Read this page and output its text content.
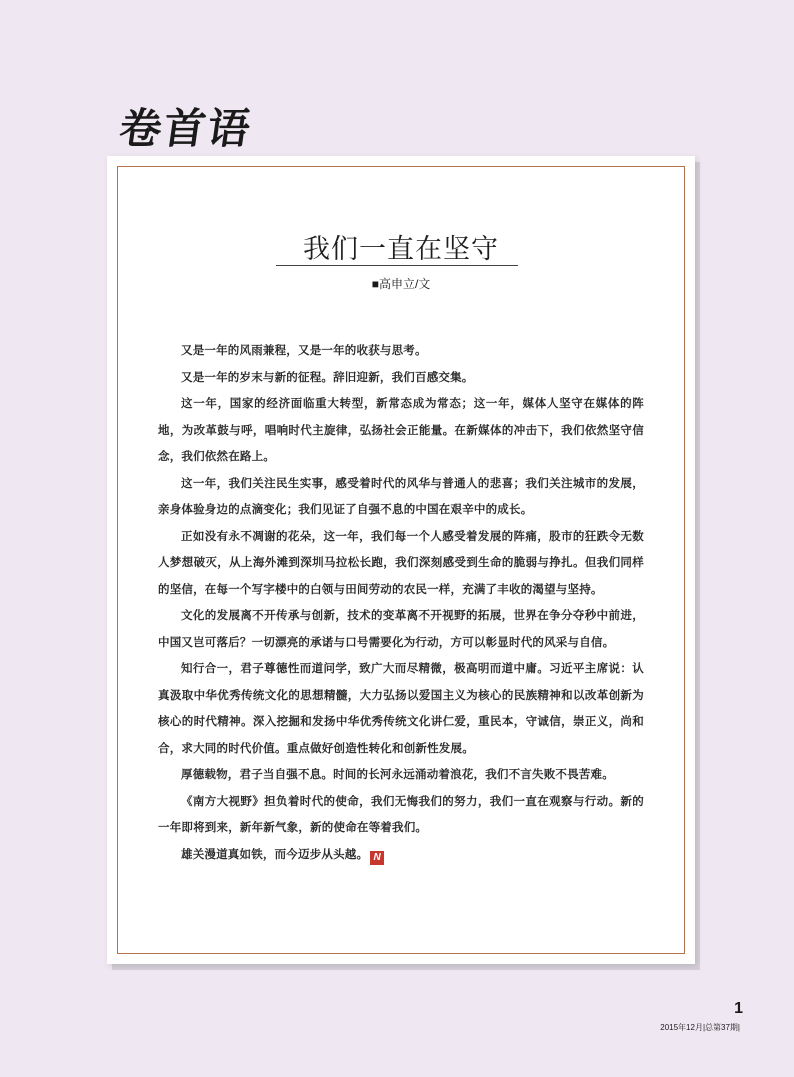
卷首语
我们一直在坚守
■高申立/文

又是一年的风雨兼程，又是一年的收获与思考。

又是一年的岁末与新的征程。辞旧迎新，我们百感交集。

这一年，国家的经济面临重大转型，新常态成为常态；这一年，媒体人坚守在媒体的阵地，为改革鼓与呼，唱响时代主旋律，弘扬社会正能量。在新媒体的冲击下，我们依然坚守信念，我们依然在路上。

这一年，我们关注民生实事，感受着时代的风华与普通人的悲喜；我们关注城市的发展，亲身体验身边的点滴变化；我们见证了自强不息的中国在艰辛中的成长。

正如没有永不凋谢的花朵，这一年，我们每一个人感受着发展的阵痛，股市的狂跌令无数人梦想破灭，从上海外滩到深圳马拉松长跑，我们深刻感受到生命的脆弱与挣扎。但我们同样的坚信，在每一个写字楼中的白领与田间劳动的农民一样，充满了丰收的渴望与坚持。

文化的发展离不开传承与创新，技术的变革离不开视野的拓展，世界在争分夺秒中前进，中国又岂可落后？一切漂亮的承诺与口号需要化为行动，方可以彰显时代的风采与自信。

知行合一，君子尊德性而道问学，致广大而尽精微，极高明而道中庸。习近平主席说：认真汲取中华优秀传统文化的思想精髓，大力弘扬以爱国主义为核心的民族精神和以改革创新为核心的时代精神。深入挖掘和发扬中华优秀传统文化讲仁爱，重民本，守诚信，崇正义，尚和合，求大同的时代价值。重点做好创造性转化和创新性发展。

厚德载物，君子当自强不息。时间的长河永远涌动着浪花，我们不言失败不畏苦难。

《南方大视野》担负着时代的使命，我们无悔我们的努力，我们一直在观察与行动。新的一年即将到来，新年新气象，新的使命在等着我们。

雄关漫道真如铁，而今迈步从头越。 N

1
2015年12月|总第37期|
